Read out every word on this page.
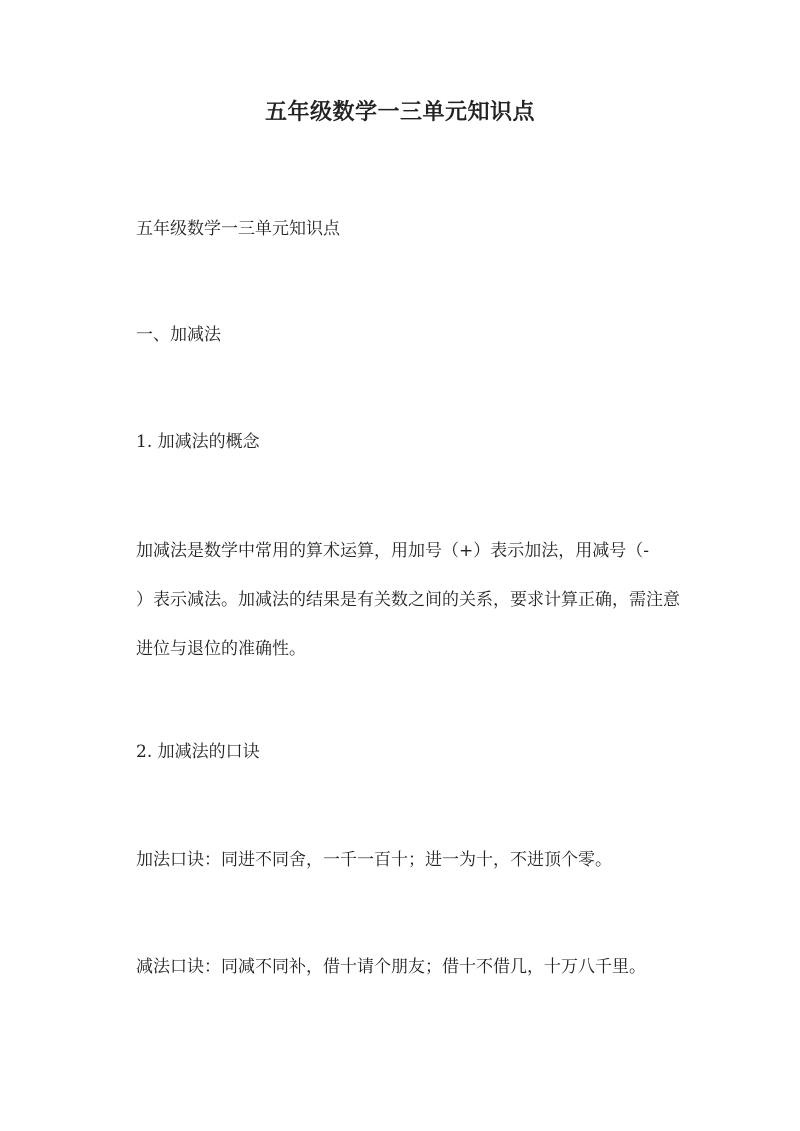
五年级数学一三单元知识点
五年级数学一三单元知识点
一、加减法
1. 加减法的概念
加减法是数学中常用的算术运算，用加号（+）表示加法，用减号（-
）表示减法。加减法的结果是有关数之间的关系，要求计算正确，需注意
进位与退位的准确性。
2. 加减法的口诀
加法口诀：同进不同舍，一千一百十；进一为十，不进顶个零。
减法口诀：同减不同补，借十请个朋友；借十不借几，十万八千里。
